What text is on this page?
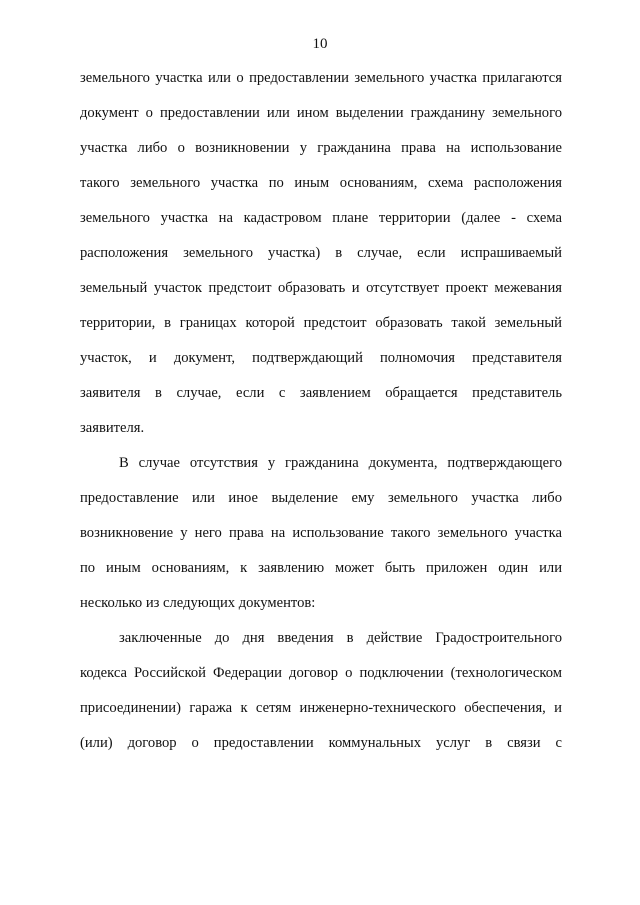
10
земельного участка или о предоставлении земельного участка прилагаются
документ о предоставлении или ином выделении гражданину земельного
участка либо о возникновении у гражданина права на использование
такого земельного участка по иным основаниям, схема расположения
земельного участка на кадастровом плане территории (далее - схема
расположения земельного участка) в случае, если испрашиваемый
земельный участок предстоит образовать и отсутствует проект межевания
территории, в границах которой предстоит образовать такой земельный
участок, и документ, подтверждающий полномочия представителя
заявителя в случае, если с заявлением обращается представитель
заявителя.
В случае отсутствия у гражданина документа, подтверждающего
предоставление или иное выделение ему земельного участка либо
возникновение у него права на использование такого земельного участка
по иным основаниям, к заявлению может быть приложен один или
несколько из следующих документов:
заключенные до дня введения в действие Градостроительного
кодекса Российской Федерации договор о подключении (технологическом
присоединении) гаража к сетям инженерно-технического обеспечения, и
(или) договор о предоставлении коммунальных услуг в связи с
